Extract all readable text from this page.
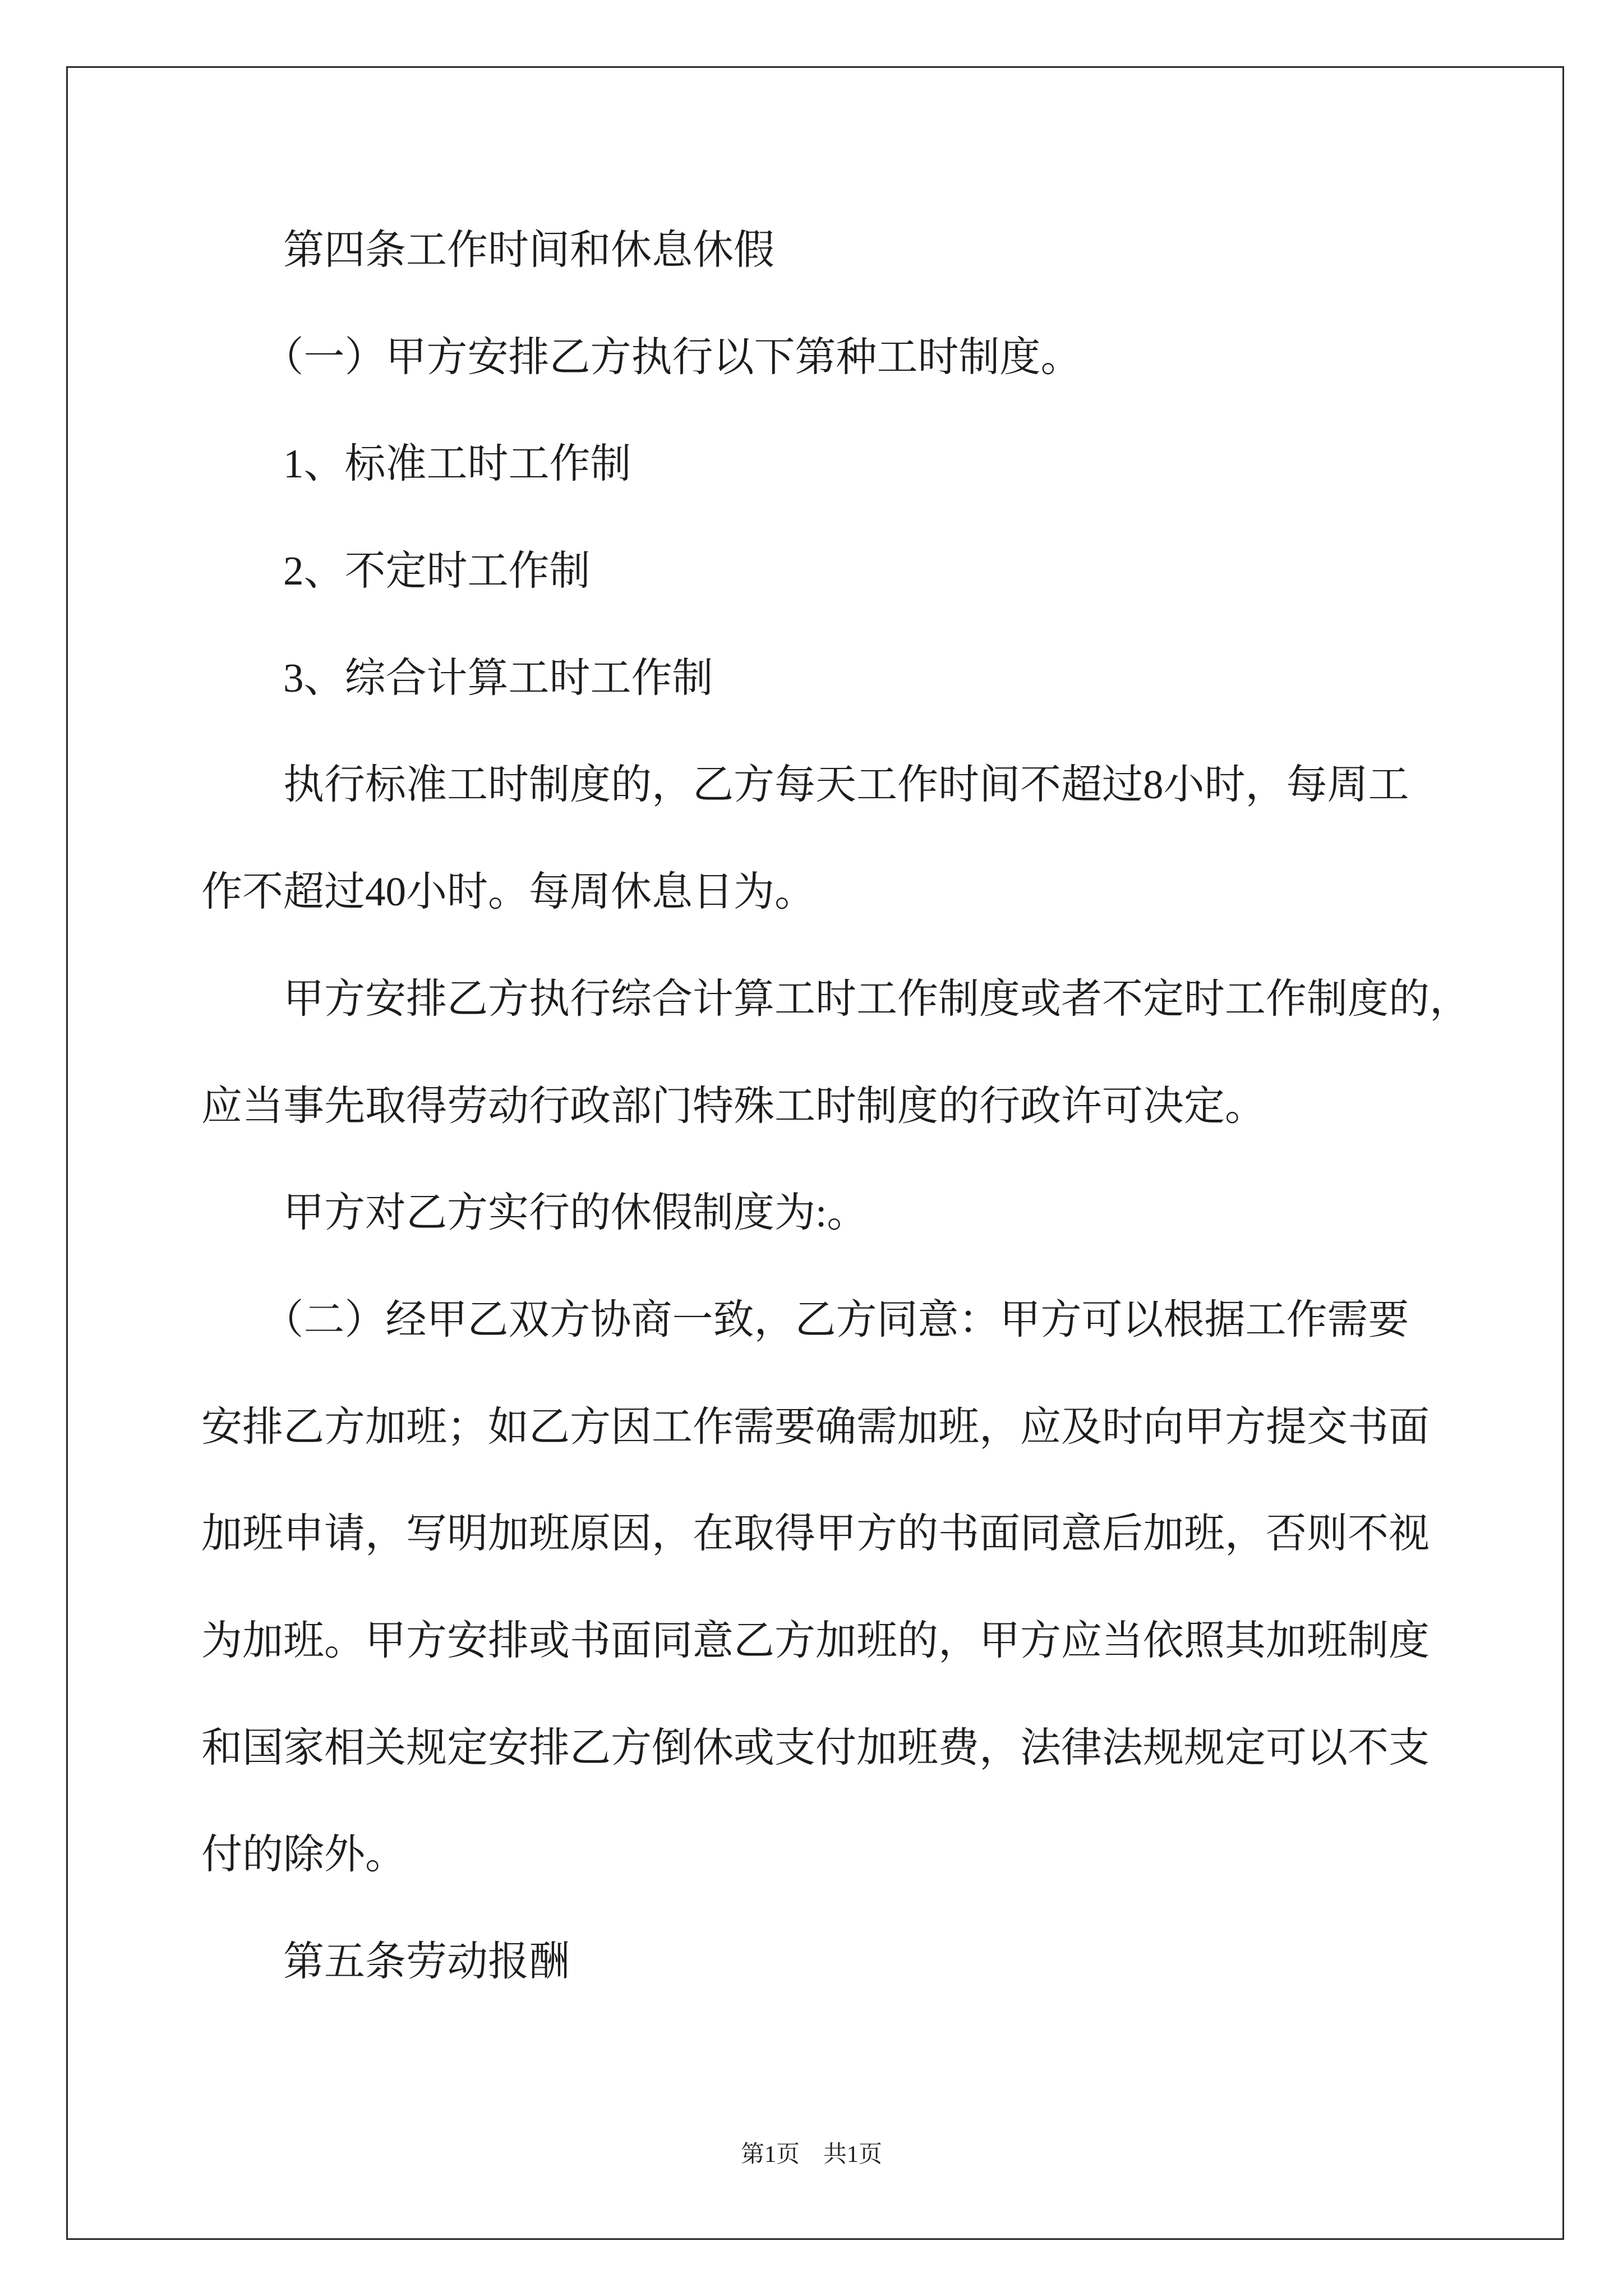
第四条工作时间和休息休假
（一）甲方安排乙方执行以下第种工时制度。
1、标准工时工作制
2、不定时工作制
3、综合计算工时工作制
执行标准工时制度的，乙方每天工作时间不超过8小时，每周工
作不超过40小时。每周休息日为。
甲方安排乙方执行综合计算工时工作制度或者不定时工作制度的，
应当事先取得劳动行政部门特殊工时制度的行政许可决定。
甲方对乙方实行的休假制度为:。
（二）经甲乙双方协商一致，乙方同意：甲方可以根据工作需要
安排乙方加班；如乙方因工作需要确需加班，应及时向甲方提交书面
加班申请，写明加班原因，在取得甲方的书面同意后加班，否则不视
为加班。甲方安排或书面同意乙方加班的，甲方应当依照其加班制度
和国家相关规定安排乙方倒休或支付加班费，法律法规规定可以不支
付的除外。
第五条劳动报酬
第1页　共1页
